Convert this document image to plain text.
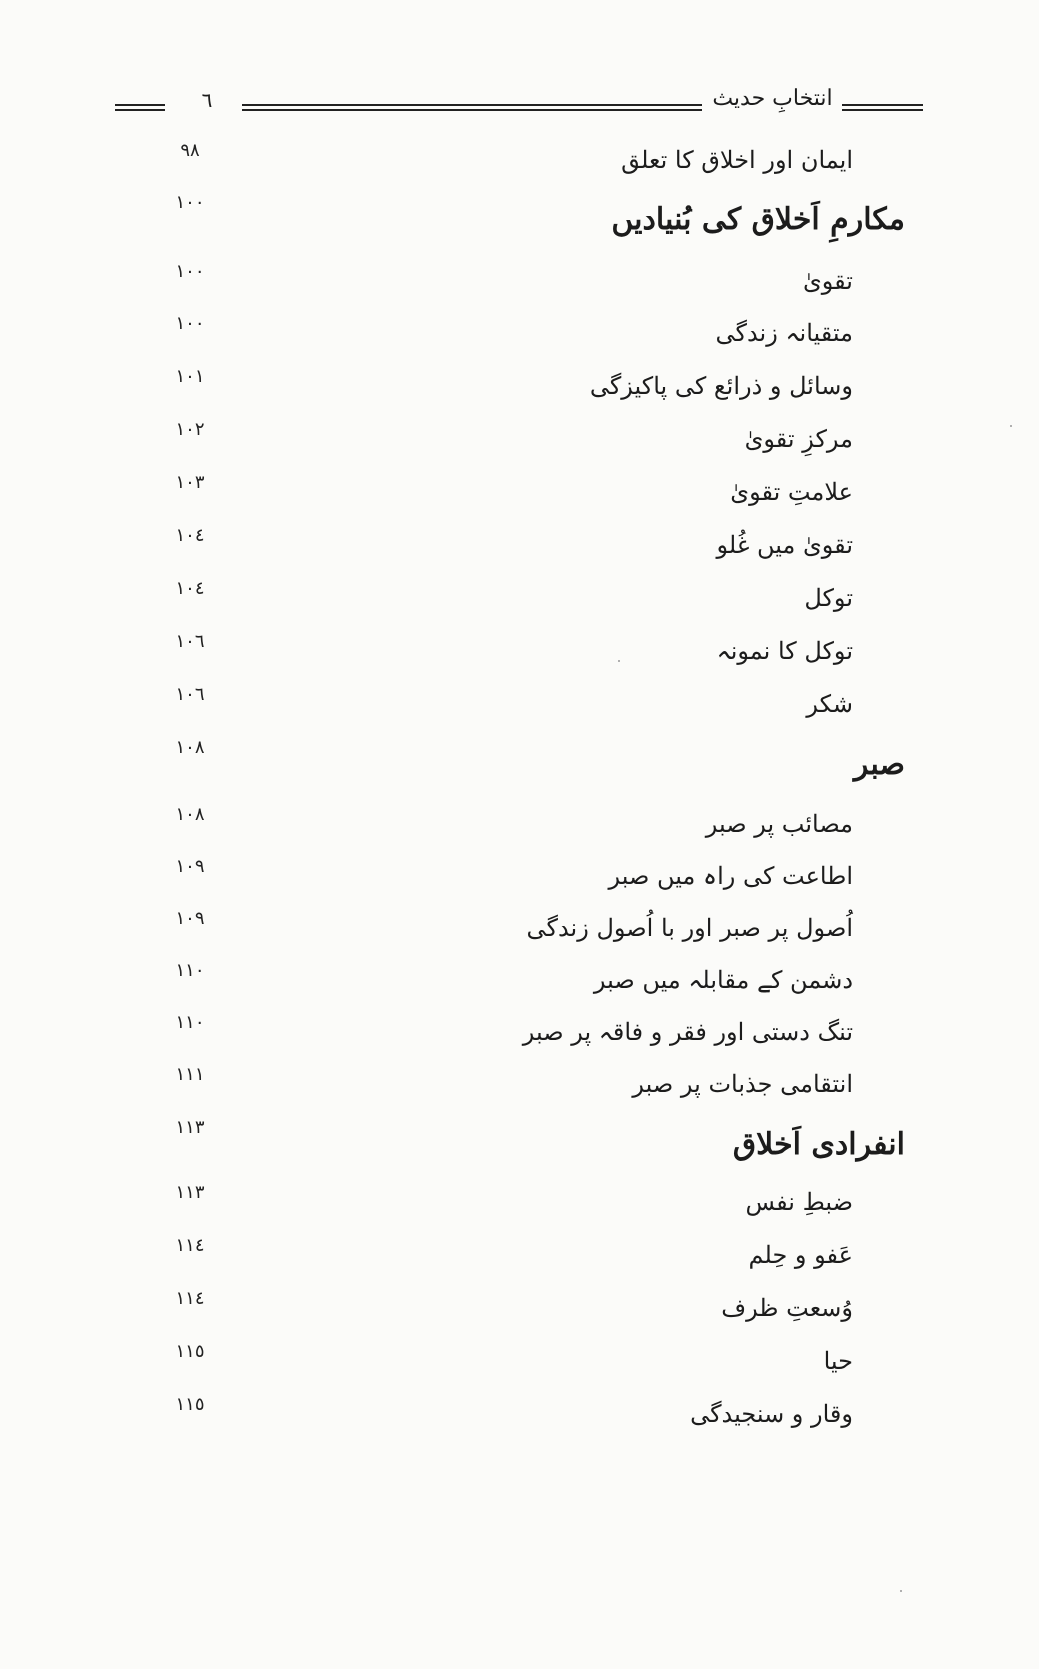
٦	انتخابِ حدیث
٩٨	ایمان اور اخلاق کا تعلق
١٠٠	مکارمِ اَخلاق کی بُنیادیں
١٠٠	تقویٰ
١٠٠	متقیانہ زندگی
١٠١	وسائل و ذرائع کی پاکیزگی
١٠٢	مرکزِ تقویٰ
١٠٣	علامتِ تقویٰ
١٠٤	تقویٰ میں غُلو
١٠٤	توکل
١٠٦	توکل کا نمونہ
١٠٦	شکر
١٠٨	صبر
١٠٨	مصائب پر صبر
١٠٩	اطاعت کی راہ میں صبر
١٠٩	اُصول پر صبر اور با اُصول زندگی
١١٠	دشمن کے مقابلہ میں صبر
١١٠	تنگ دستی اور فقر و فاقہ پر صبر
١١١	انتقامی جذبات پر صبر
١١٣	انفرادی اَخلاق
١١٣	ضبطِ نفس
١١٤	عَفو و حِلم
١١٤	وُسعتِ ظرف
١١٥	حیا
١١٥	وقار و سنجیدگی
